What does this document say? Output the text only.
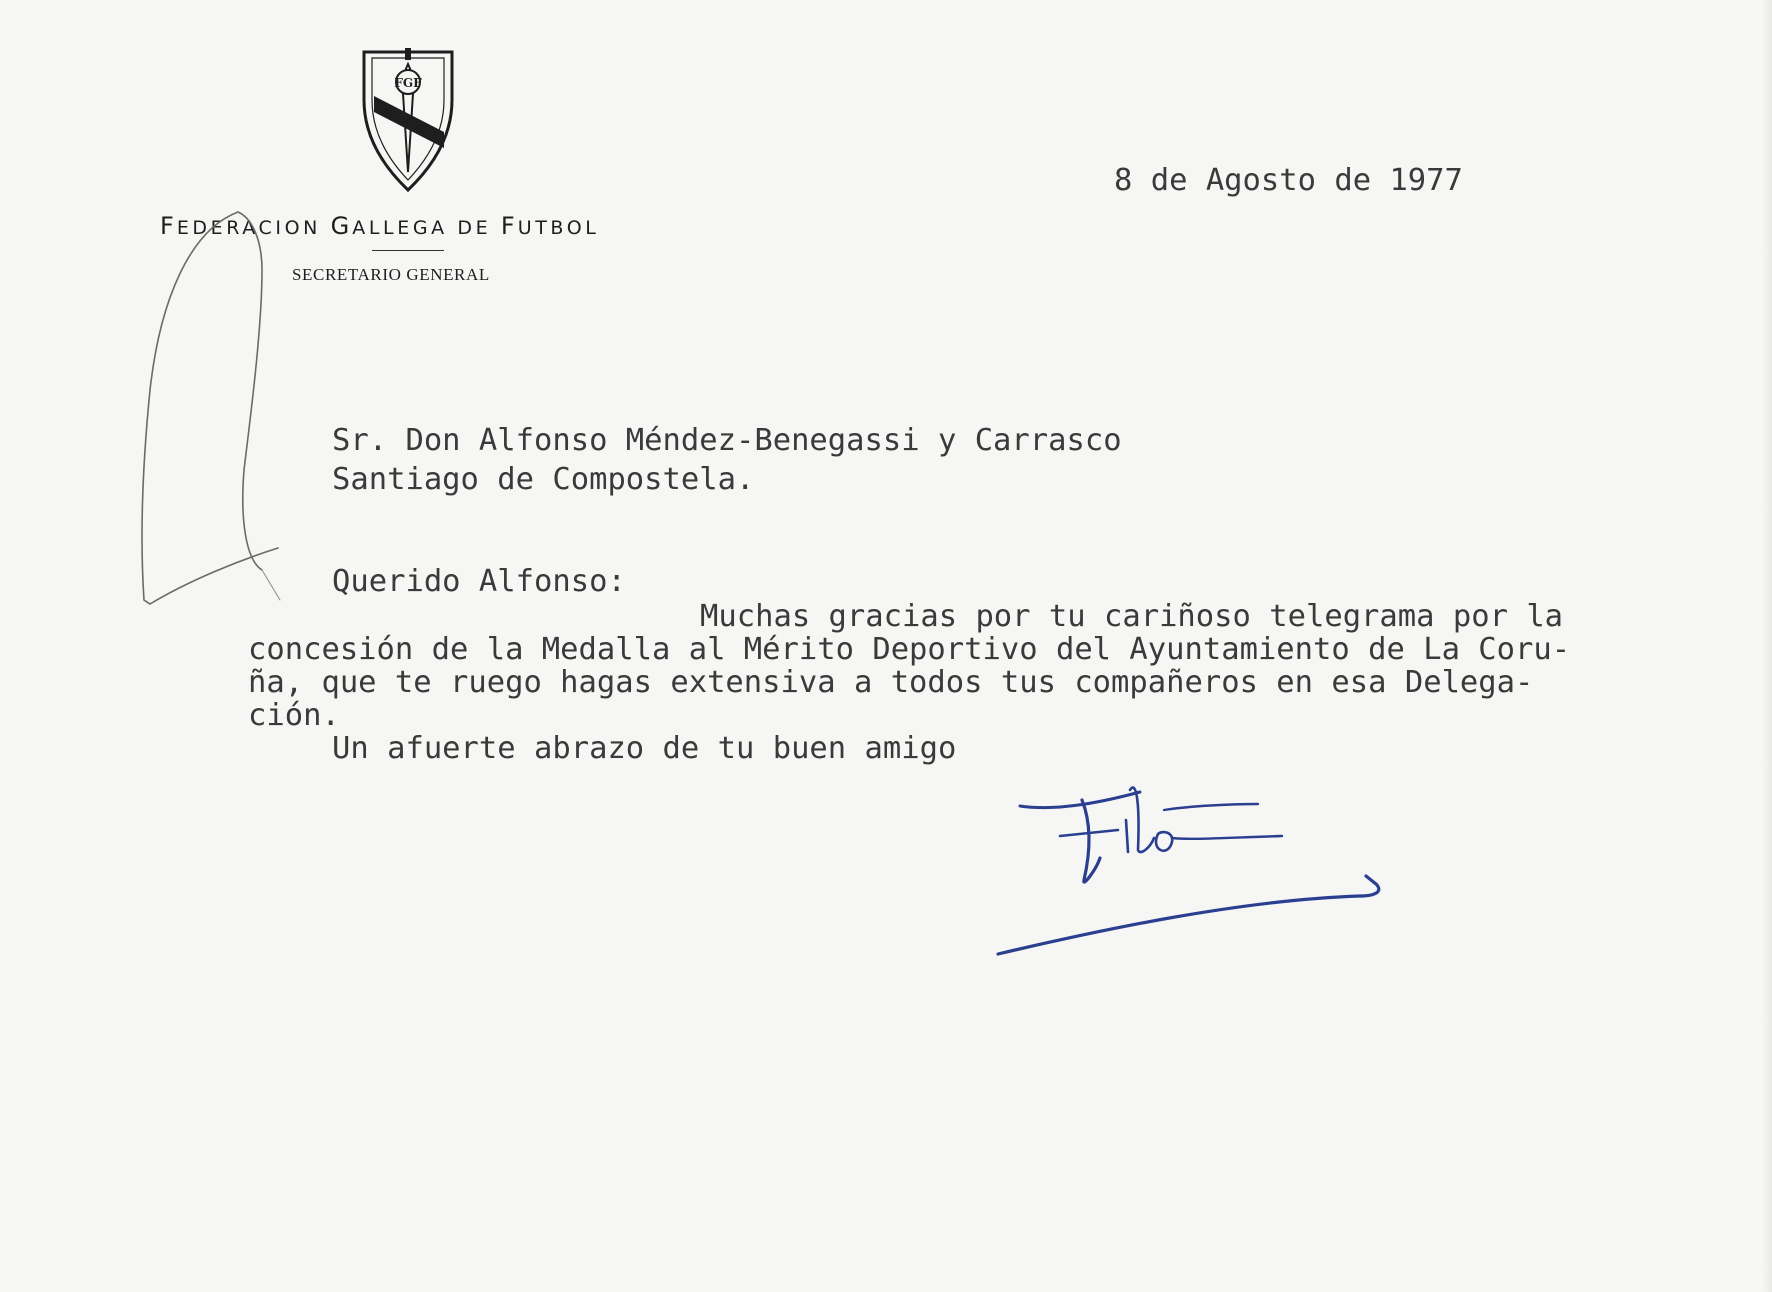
FGF
FEDERACION GALLEGA DE FUTBOL
SECRETARIO GENERAL
8 de Agosto de 1977
Sr. Don Alfonso Méndez-Benegassi y Carrasco
Santiago de Compostela.
Querido Alfonso:
Muchas gracias por tu cariñoso telegrama por la
concesión de la Medalla al Mérito Deportivo del Ayuntamiento de La Coru-
ña, que te ruego hagas extensiva a todos tus compañeros en esa Delega-
ción.
Un afuerte abrazo de tu buen amigo
